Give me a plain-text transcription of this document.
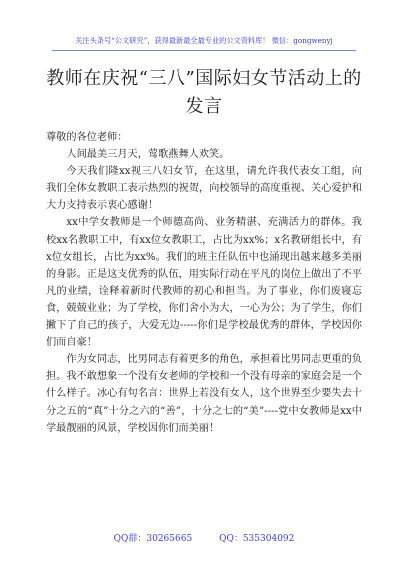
关注头条号“公文研究”，获得最新最全最专业的公文资料库！ 微信：gongwenyj
教师在庆祝“三八”国际妇女节活动上的
发言

尊敬的各位老师：

人间最美三月天，莺歌燕舞人欢笑。

今天我们隆xx视三八妇女节，在这里，请允许我代表女工组，向我们全体女教职工表示热烈的祝贺，向校领导的高度重视、关心爱护和大力支持表示衷心感谢！

xx中学女教师是一个师德高尚、业务精湛、充满活力的群体。我校xx名教职工中，有xx位女教职工，占比为xx%；x名教研组长中，有x位女组长，占比为xx%。我们的班主任队伍中也涌现出越来越多美丽的身影。正是这支优秀的队伍，用实际行动在平凡的岗位上做出了不平凡的业绩，诠释着新时代教师的初心和担当。为了事业，你们废寝忘食，兢兢业业；为了学校，你们舍小为大，一心为公；为了学生，你们撇下了自己的孩子，大爱无边-----你们是学校最优秀的群体，学校因你们而自豪！

作为女同志，比男同志有着更多的角色，承担着比男同志更重的负担。我不敢想象一个没有女老师的学校和一个没有母亲的家庭会是一个什么样子。冰心有句名言：世界上若没有女人，这个世界至少要失去十分之五的“真”十分之六的“善”，十分之七的“美”----党中女教师是xx中学最靓丽的风景，学校因你们而美丽！

QQ群：30265665	QQ：535304092
